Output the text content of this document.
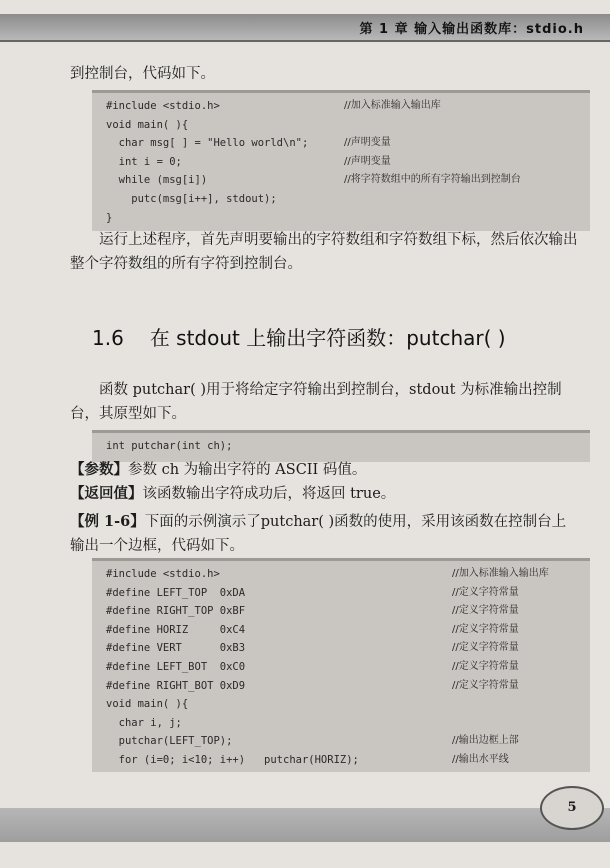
第 1 章 输入输出函数库：stdio.h

到控制台，代码如下。

#include <stdio.h>	//加入标准输入输出库
void main( ){
char msg[ ] = "Hello world\n";	//声明变量
int i = 0;	//声明变量
while (msg[i])	//将字符数组中的所有字符输出到控制台
putc(msg[i++], stdout);
}

运行上述程序，首先声明要输出的字符数组和字符数组下标，然后依次输出整个字符数组的所有字符到控制台。

1.6 在 stdout 上输出字符函数：putchar( )

函数 putchar( )用于将给定字符输出到控制台，stdout 为标准输出控制台，其原型如下。

int putchar(int ch);

【参数】参数 ch 为输出字符的 ASCII 码值。

【返回值】该函数输出字符成功后，将返回 true。

【例 1-6】下面的示例演示了putchar( )函数的使用，采用该函数在控制台上输出一个边框，代码如下。

#include <stdio.h>	//加入标准输入输出库
#define LEFT_TOP  0xDA	//定义字符常量
#define RIGHT_TOP 0xBF	//定义字符常量
#define HORIZ     0xC4	//定义字符常量
#define VERT      0xB3	//定义字符常量
#define LEFT_BOT  0xC0	//定义字符常量
#define RIGHT_BOT 0xD9	//定义字符常量
void main( ){
char i, j;
putchar(LEFT_TOP);	//输出边框上部
for (i=0; i<10; i++)   putchar(HORIZ);	//输出水平线
5
